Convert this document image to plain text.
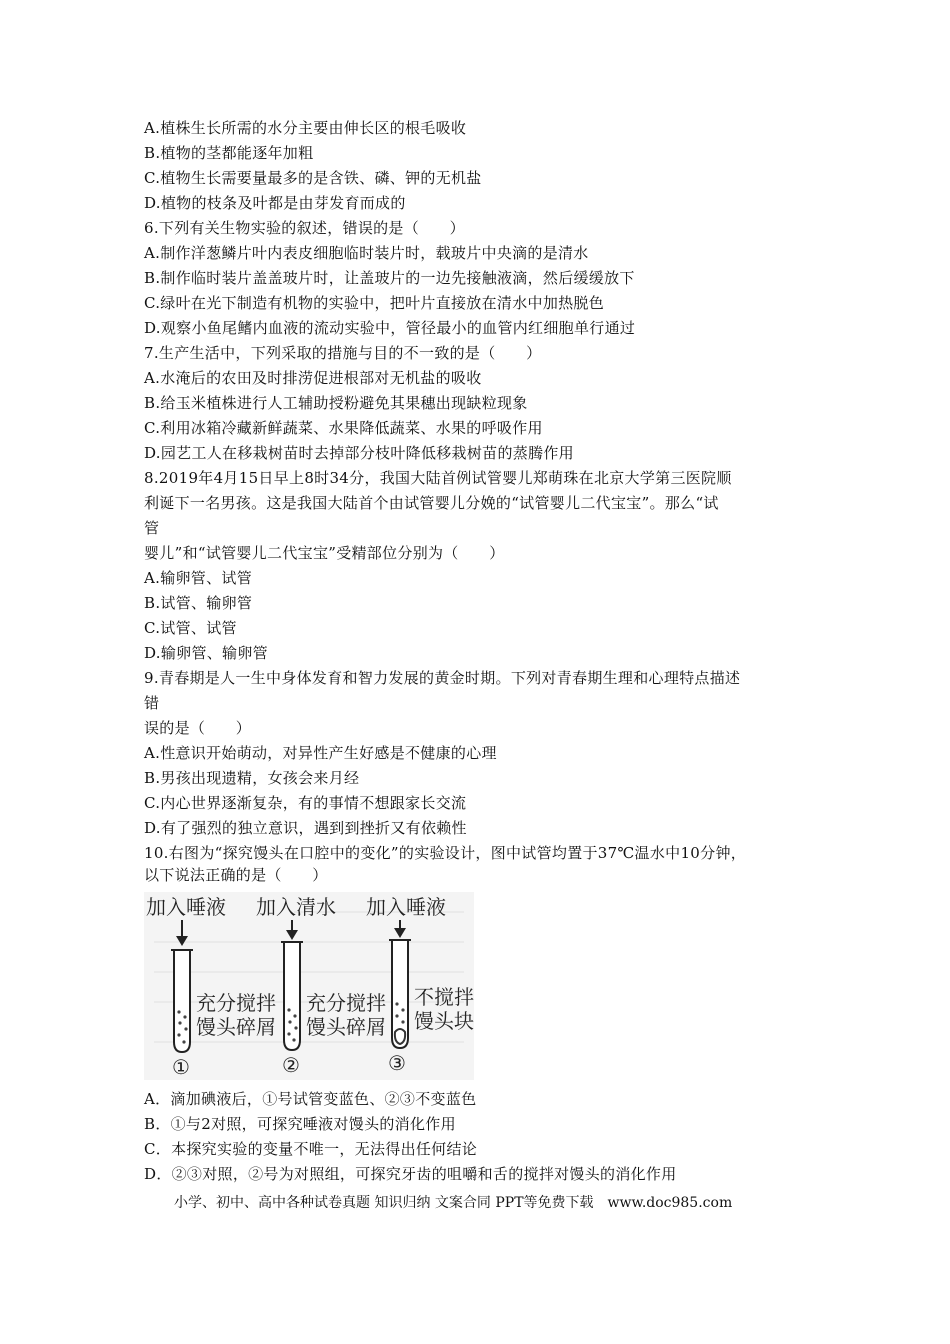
A.植株生长所需的水分主要由伸长区的根毛吸收
B.植物的茎都能逐年加粗
C.植物生长需要量最多的是含铁、磷、钾的无机盐
D.植物的枝条及叶都是由芽发育而成的
6.下列有关生物实验的叙述，错误的是（　　）
A.制作洋葱鳞片叶内表皮细胞临时装片时，载玻片中央滴的是清水
B.制作临时装片盖盖玻片时，让盖玻片的一边先接触液滴，然后缓缓放下
C.绿叶在光下制造有机物的实验中，把叶片直接放在清水中加热脱色
D.观察小鱼尾鳍内血液的流动实验中，管径最小的血管内红细胞单行通过
7.生产生活中，下列采取的措施与目的不一致的是（　　）
A.水淹后的农田及时排涝促进根部对无机盐的吸收
B.给玉米植株进行人工辅助授粉避免其果穗出现缺粒现象
C.利用冰箱冷藏新鲜蔬菜、水果降低蔬菜、水果的呼吸作用
D.园艺工人在移栽树苗时去掉部分枝叶降低移栽树苗的蒸腾作用
8.2019年4月15日早上8时34分，我国大陆首例试管婴儿郑萌珠在北京大学第三医院顺
利诞下一名男孩。这是我国大陆首个由试管婴儿分娩的“试管婴儿二代宝宝”。那么“试
管
婴儿”和“试管婴儿二代宝宝”受精部位分别为（　　）
A.输卵管、试管
B.试管、输卵管
C.试管、试管
D.输卵管、输卵管
9.青春期是人一生中身体发育和智力发展的黄金时期。下列对青春期生理和心理特点描述
错
误的是（　　）
A.性意识开始萌动，对异性产生好感是不健康的心理
B.男孩出现遗精，女孩会来月经
C.内心世界逐渐复杂，有的事情不想跟家长交流
D.有了强烈的独立意识，遇到到挫折又有依赖性
10.右图为“探究馒头在口腔中的变化”的实验设计，图中试管均置于37℃温水中10分钟，
以下说法正确的是（　　）
加入唾液
充分搅拌
馒头碎屑
①
加入清水
充分搅拌
馒头碎屑
②
加入唾液
不搅拌
馒头块
③
A．滴加碘液后，①号试管变蓝色、②③不变蓝色
B．①与2对照，可探究唾液对馒头的消化作用
C．本探究实验的变量不唯一，无法得出任何结论
D．②③对照，②号为对照组，可探究牙齿的咀嚼和舌的搅拌对馒头的消化作用
小学、初中、高中各种试卷真题 知识归纳 文案合同 PPT等免费下载　www.doc985.com
